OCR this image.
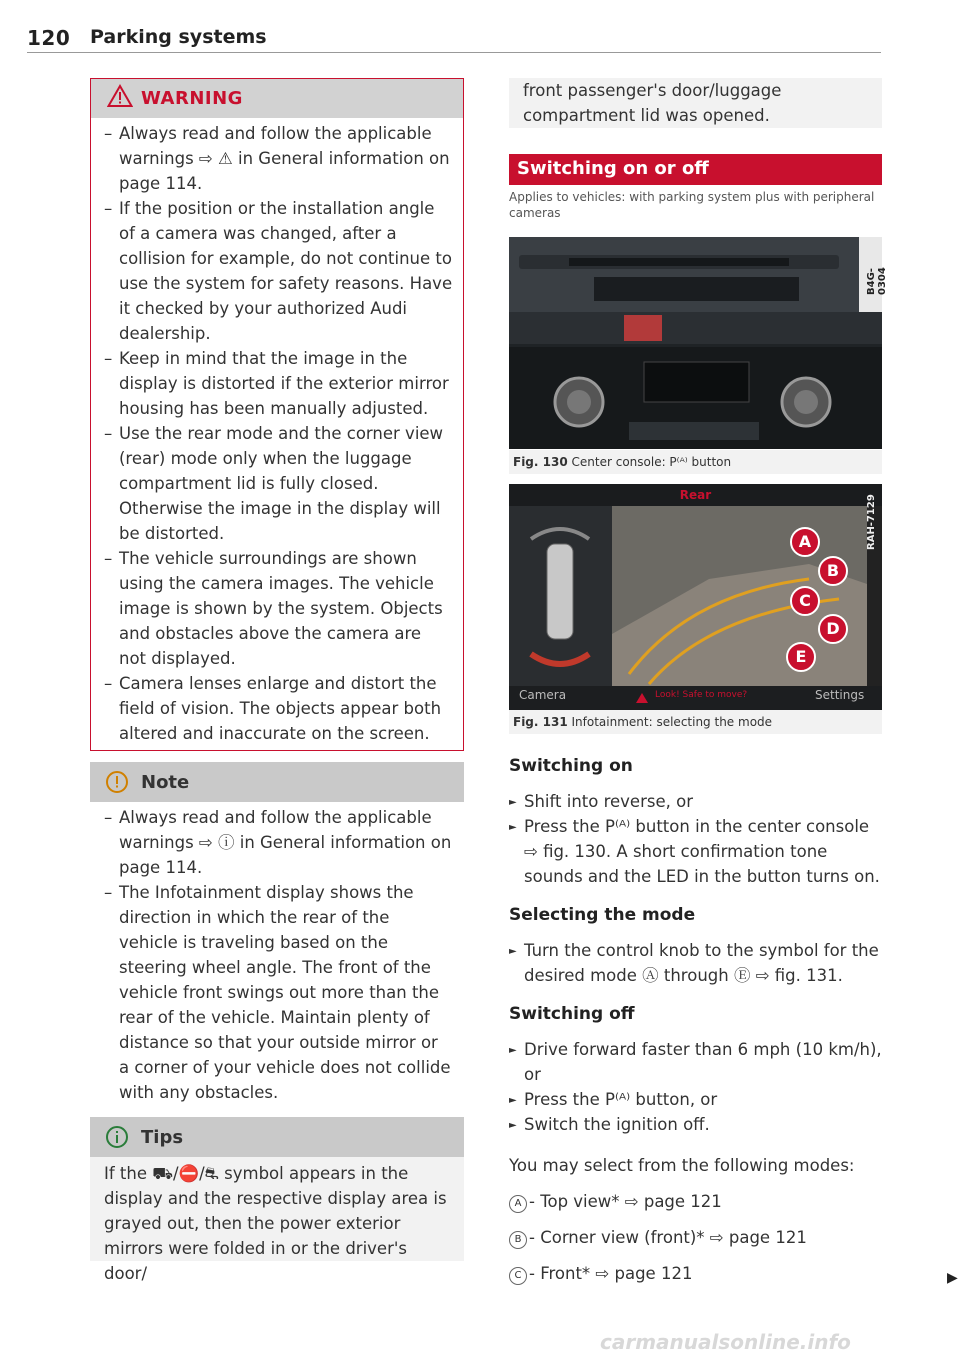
120 Parking systems
WARNING
– Always read and follow the applicable warnings ⇨ ⚠ in General information on page 114.
– If the position or the installation angle of a camera was changed, after a collision for example, do not continue to use the system for safety reasons. Have it checked by your authorized Audi dealership.
– Keep in mind that the image in the display is distorted if the exterior mirror housing has been manually adjusted.
– Use the rear mode and the corner view (rear) mode only when the luggage compartment lid is fully closed. Otherwise the image in the display will be distorted.
– The vehicle surroundings are shown using the camera images. The vehicle image is shown by the system. Objects and obstacles above the camera are not displayed.
– Camera lenses enlarge and distort the field of vision. The objects appear both altered and inaccurate on the screen.
Note
– Always read and follow the applicable warnings ⇨ ⓘ in General information on page 114.
– The Infotainment display shows the direction in which the rear of the vehicle is traveling based on the steering wheel angle. The front of the vehicle front swings out more than the rear of the vehicle. Maintain plenty of distance so that your outside mirror or a corner of your vehicle does not collide with any obstacles.
Tips
If the ⛟/⛔/⛐ symbol appears in the display and the respective display area is grayed out, then the power exterior mirrors were folded in or the driver's door/
front passenger's door/luggage compartment lid was opened.
Switching on or off
Applies to vehicles: with parking system plus with peripheral cameras
B4G-0304
Fig. 130 Center console: P⁽ᴬ⁾ button
Rear
Camera	Look! Safe to move?	Settings
RAH-7129
A
B
C
D
E
Fig. 131 Infotainment: selecting the mode
Switching on
► Shift into reverse, or
► Press the P⁽ᴬ⁾ button in the center console ⇨ fig. 130. A short confirmation tone sounds and the LED in the button turns on.
Selecting the mode
► Turn the control knob to the symbol for the desired mode Ⓐ through Ⓔ ⇨ fig. 131.
Switching off
► Drive forward faster than 6 mph (10 km/h), or
► Press the P⁽ᴬ⁾ button, or
► Switch the ignition off.
You may select from the following modes:
A - Top view* ⇨ page 121
B - Corner view (front)* ⇨ page 121
C - Front* ⇨ page 121	▶
carmanualsonline.info
